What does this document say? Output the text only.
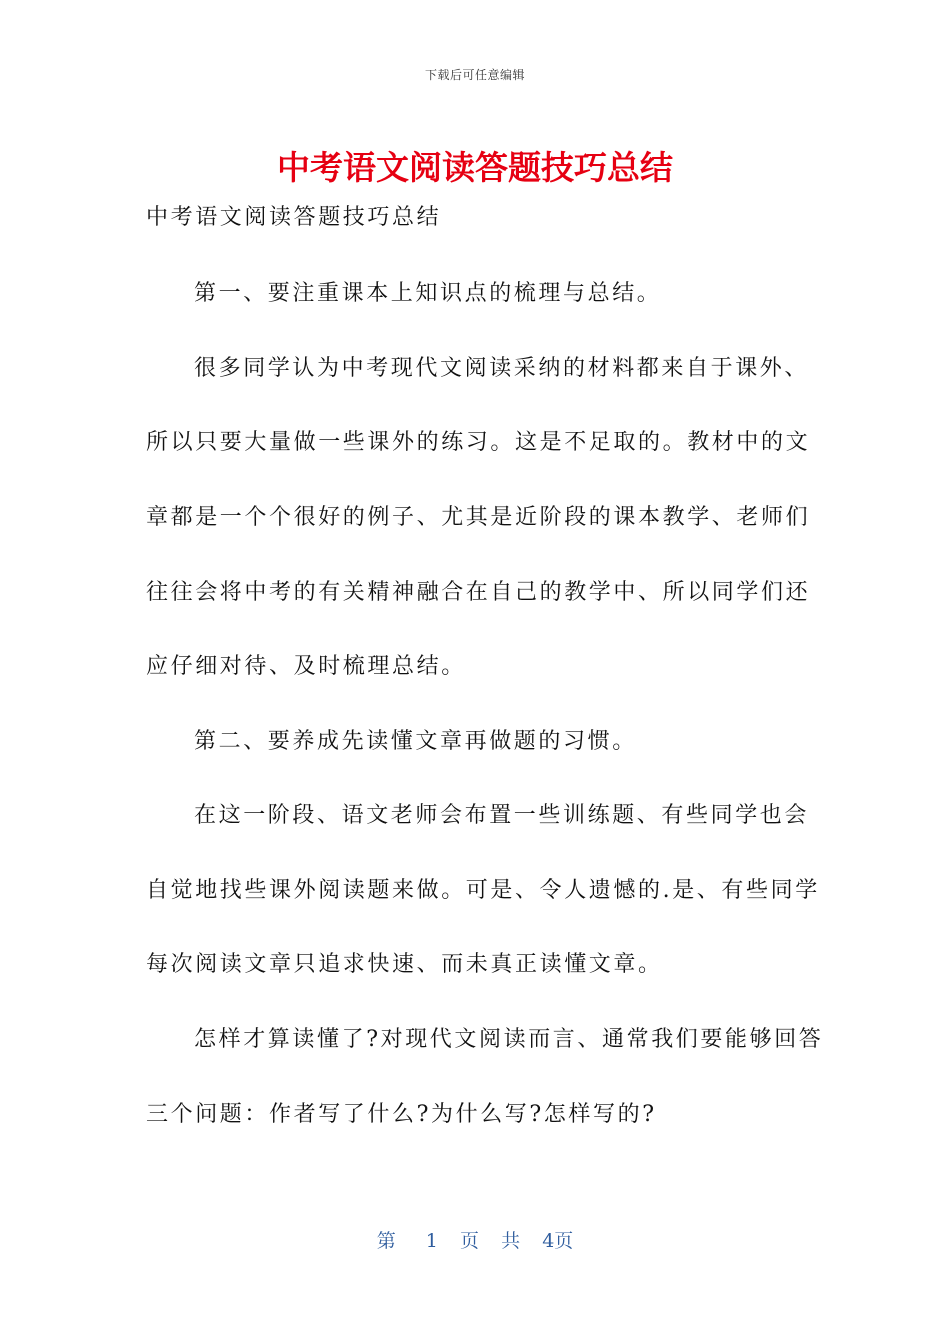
下载后可任意编辑
中考语文阅读答题技巧总结
中考语文阅读答题技巧总结
第一、要注重课本上知识点的梳理与总结。
很多同学认为中考现代文阅读采纳的材料都来自于课外、
所以只要大量做一些课外的练习。这是不足取的。教材中的文
章都是一个个很好的例子、尤其是近阶段的课本教学、老师们
往往会将中考的有关精神融合在自己的教学中、所以同学们还
应仔细对待、及时梳理总结。
第二、要养成先读懂文章再做题的习惯。
在这一阶段、语文老师会布置一些训练题、有些同学也会
自觉地找些课外阅读题来做。可是、令人遗憾的.是、有些同学
每次阅读文章只追求快速、而未真正读懂文章。
怎样才算读懂了?对现代文阅读而言、通常我们要能够回答
三个问题：作者写了什么?为什么写?怎样写的?
第 1 页 共 4页
